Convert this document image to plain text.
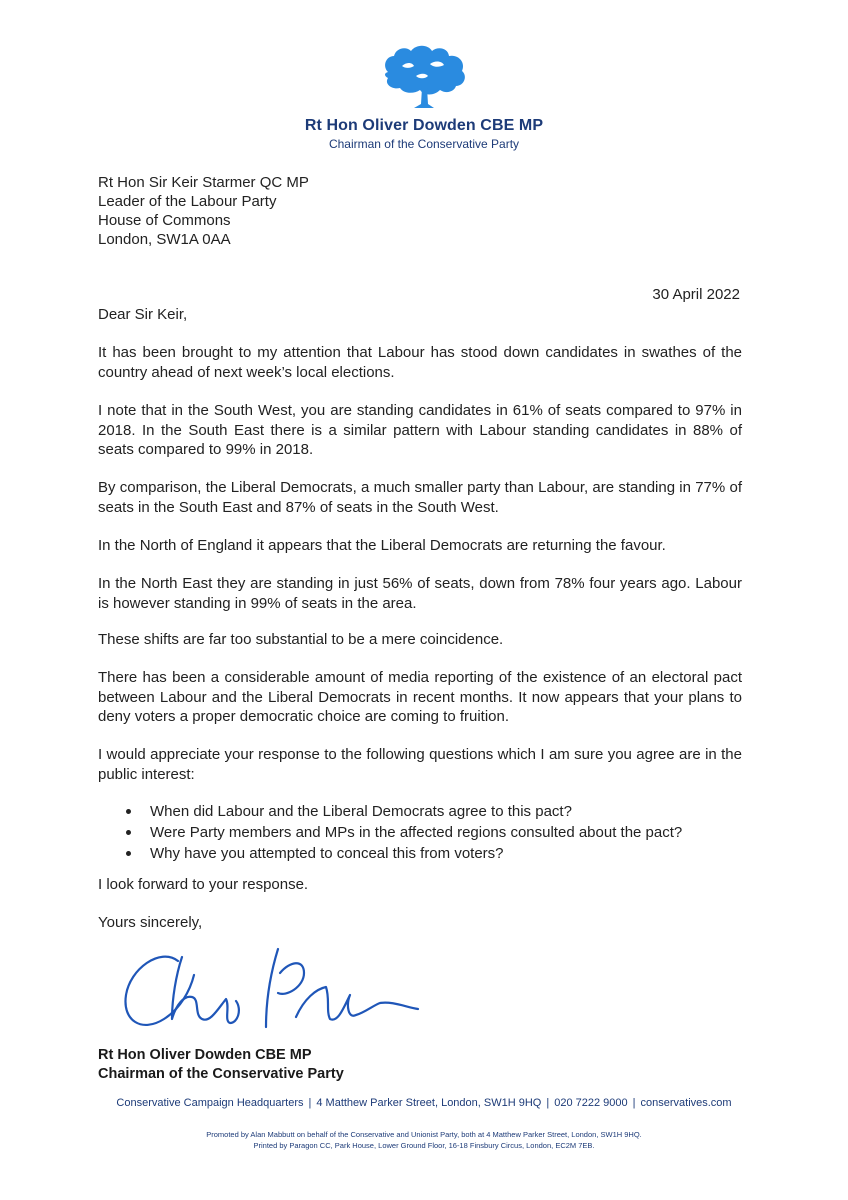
Rt Hon Oliver Dowden CBE MP
Chairman of the Conservative Party
Rt Hon Sir Keir Starmer QC MP
Leader of the Labour Party
House of Commons
London, SW1A 0AA
30 April 2022
Dear Sir Keir,
It has been brought to my attention that Labour has stood down candidates in swathes of the country ahead of next week’s local elections.
I note that in the South West, you are standing candidates in 61% of seats compared to 97% in 2018. In the South East there is a similar pattern with Labour standing candidates in 88% of seats compared to 99% in 2018.
By comparison, the Liberal Democrats, a much smaller party than Labour, are standing in 77% of seats in the South East and 87% of seats in the South West.
In the North of England it appears that the Liberal Democrats are returning the favour.
In the North East they are standing in just 56% of seats, down from 78% four years ago. Labour is however standing in 99% of seats in the area.
These shifts are far too substantial to be a mere coincidence.
There has been a considerable amount of media reporting of the existence of an electoral pact between Labour and the Liberal Democrats in recent months. It now appears that your plans to deny voters a proper democratic choice are coming to fruition.
I would appreciate your response to the following questions which I am sure you agree are in the public interest:
When did Labour and the Liberal Democrats agree to this pact?
Were Party members and MPs in the affected regions consulted about the pact?
Why have you attempted to conceal this from voters?
I look forward to your response.
Yours sincerely,
Rt Hon Oliver Dowden CBE MP
Chairman of the Conservative Party
Conservative Campaign Headquarters | 4 Matthew Parker Street, London, SW1H 9HQ | 020 7222 9000 | conservatives.com
Promoted by Alan Mabbutt on behalf of the Conservative and Unionist Party, both at 4 Matthew Parker Street, London, SW1H 9HQ.
Printed by Paragon CC, Park House, Lower Ground Floor, 16-18 Finsbury Circus, London, EC2M 7EB.
